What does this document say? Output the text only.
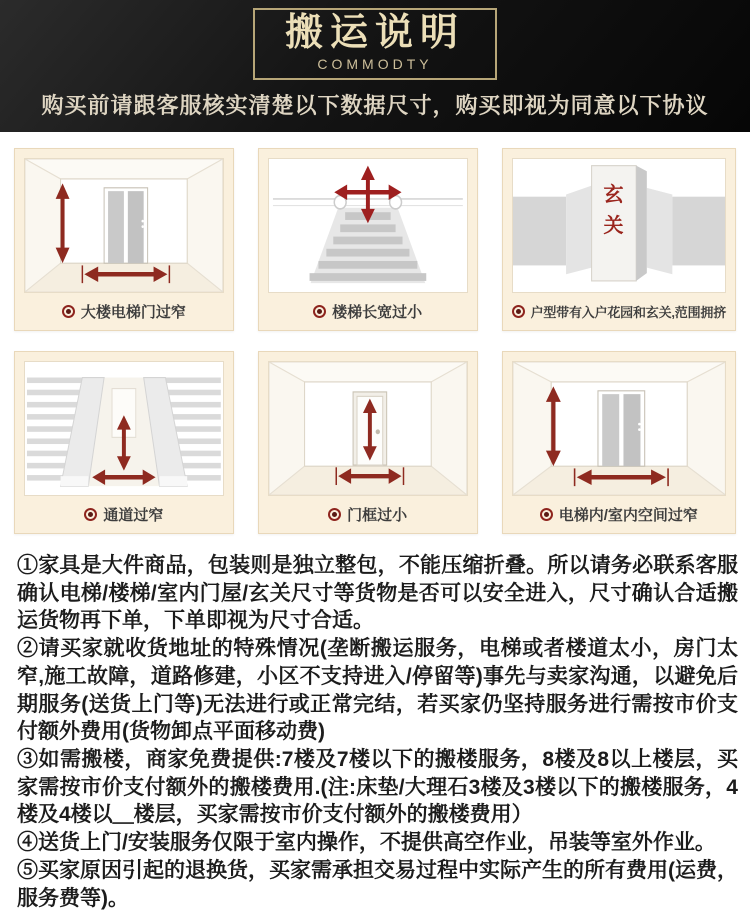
搬运说明
COMMODTY
购买前请跟客服核实清楚以下数据尺寸，购买即视为同意以下协议
大楼电梯门过窄	楼梯长宽过小
玄关
户型带有入户花园和玄关,范围拥挤
通道过窄	门框过小	电梯内/室内空间过窄

①家具是大件商品，包装则是独立整包，不能压缩折叠。所以请务必联系客服确认电梯/楼梯/室内门屋/玄关尺寸等货物是否可以安全进入，尺寸确认合适搬运货物再下单，下单即视为尺寸合适。

②请买家就收货地址的特殊情况(垄断搬运服务，电梯或者楼道太小，房门太窄,施工故障，道路修建，小区不支持进入/停留等)事先与卖家沟通，以避免后期服务(送货上门等)无法进行或正常完结，若买家仍坚持服务进行需按市价支付额外费用(货物卸点平面移动费)

③如需搬楼，商家免费提供:7楼及7楼以下的搬楼服务，8楼及8以上楼层，买家需按市价支付额外的搬楼费用.(注:床垫/大理石3楼及3楼以下的搬楼服务，4楼及4楼以＿楼层，买家需按市价支付额外的搬楼费用）

④送货上门/安装服务仅限于室内操作，不提供高空作业，吊装等室外作业。

⑤买家原因引起的退换货，买家需承担交易过程中实际产生的所有费用(运费，服务费等)。
